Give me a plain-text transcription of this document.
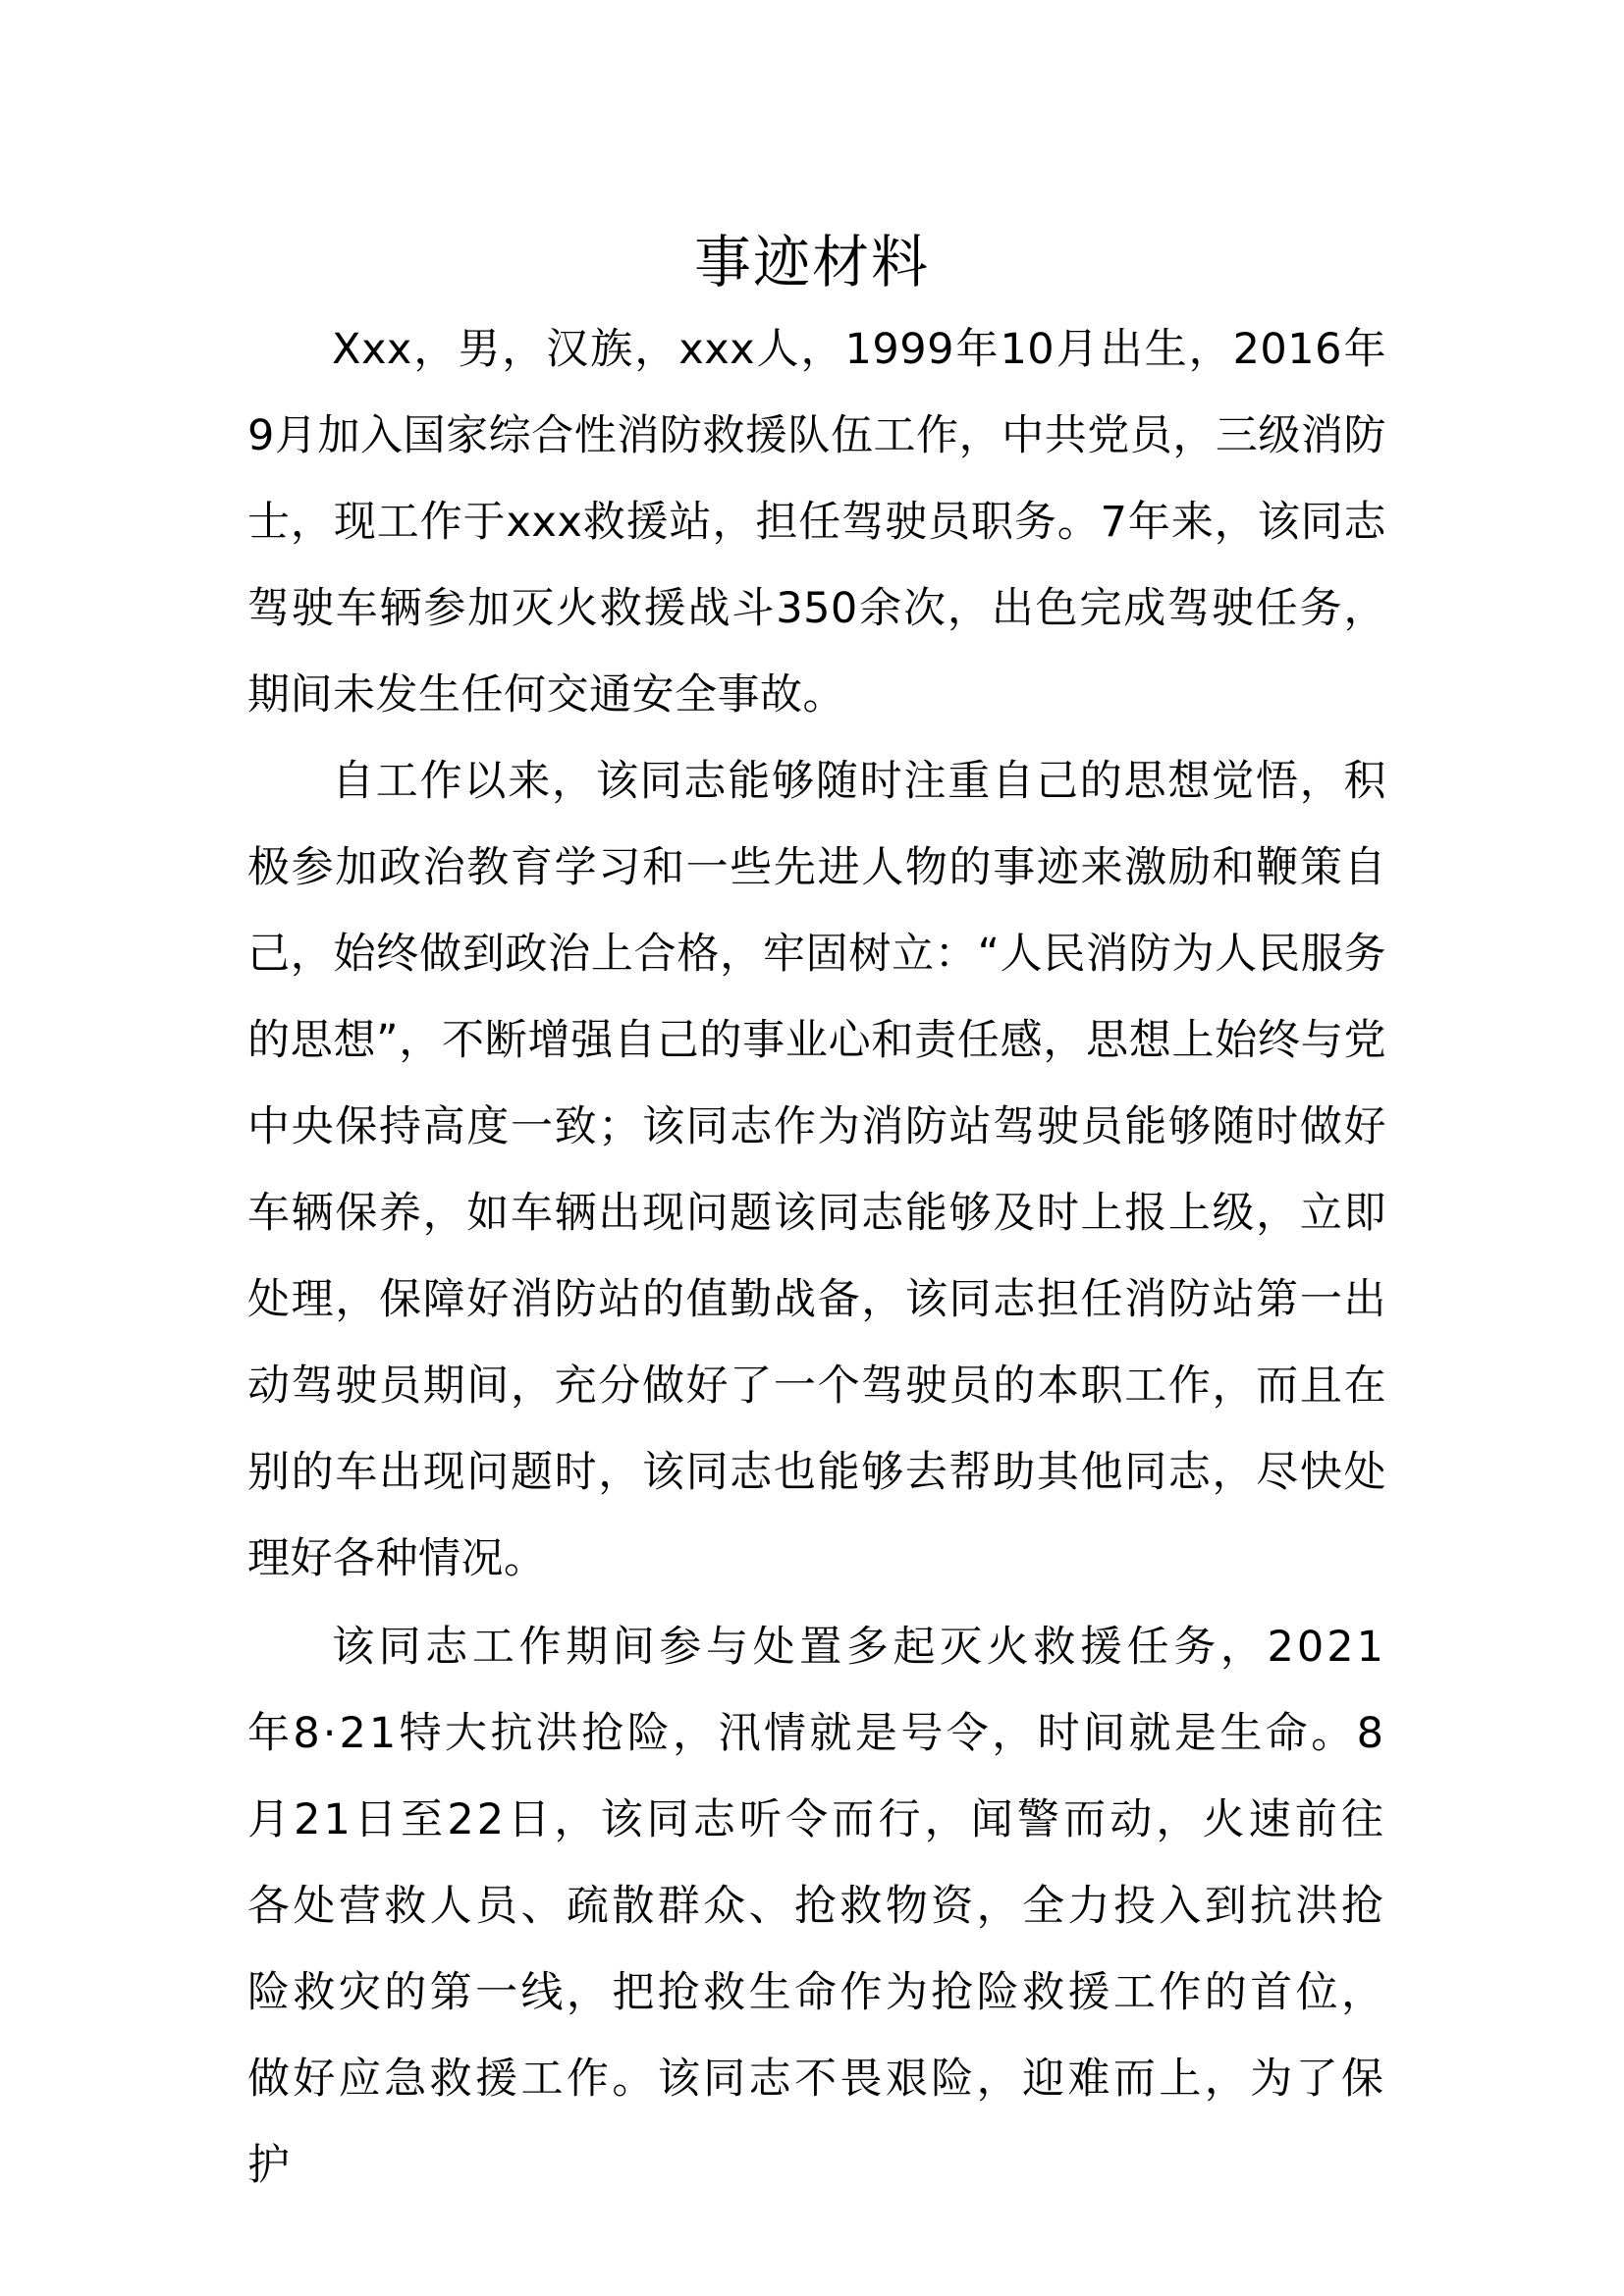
事迹材料

Xxx，男，汉族，xxx人，1999年10月出生，2016年9月加入国家综合性消防救援队伍工作，中共党员，三级消防士，现工作于xxx救援站，担任驾驶员职务。7年来，该同志驾驶车辆参加灭火救援战斗350余次，出色完成驾驶任务，期间未发生任何交通安全事故。

自工作以来，该同志能够随时注重自己的思想觉悟，积极参加政治教育学习和一些先进人物的事迹来激励和鞭策自己，始终做到政治上合格，牢固树立：“人民消防为人民服务的思想”，不断增强自己的事业心和责任感，思想上始终与党中央保持高度一致；该同志作为消防站驾驶员能够随时做好车辆保养，如车辆出现问题该同志能够及时上报上级，立即处理，保障好消防站的值勤战备，该同志担任消防站第一出动驾驶员期间，充分做好了一个驾驶员的本职工作，而且在别的车出现问题时，该同志也能够去帮助其他同志，尽快处理好各种情况。

该同志工作期间参与处置多起灭火救援任务，2021年8·21特大抗洪抢险，汛情就是号令，时间就是生命。8月21日至22日，该同志听令而行，闻警而动，火速前往各处营救人员、疏散群众、抢救物资，全力投入到抗洪抢险救灾的第一线，把抢救生命作为抢险救援工作的首位，做好应急救援工作。该同志不畏艰险，迎难而上，为了保护
